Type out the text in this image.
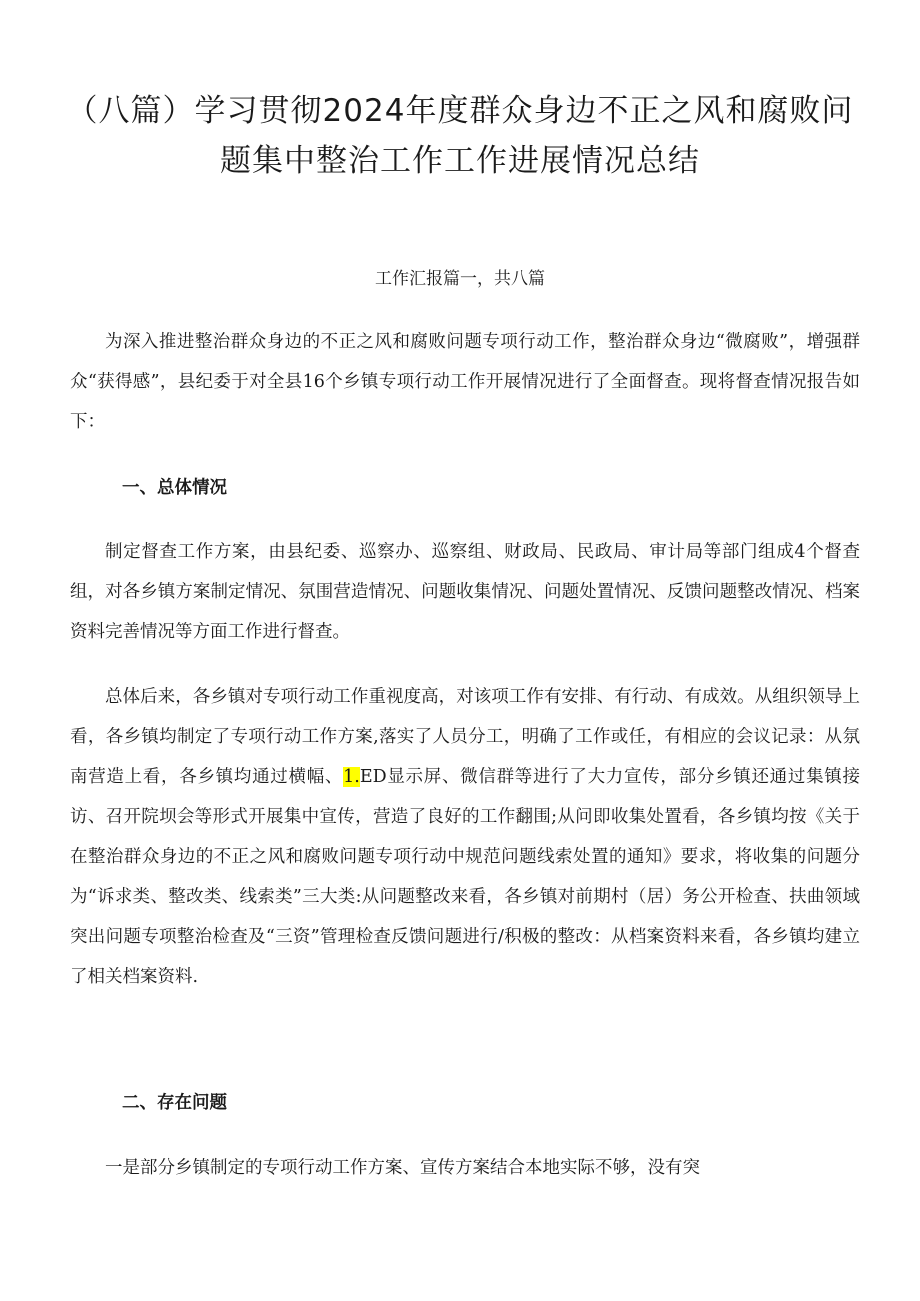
（八篇）学习贯彻2024年度群众身边不正之风和腐败问题集中整治工作工作进展情况总结

工作汇报篇一，共八篇

为深入推进整治群众身边的不正之风和腐败问题专项行动工作，整治群众身边“微腐败”，增强群众“获得感”，县纪委于对全县16个乡镇专项行动工作开展情况进行了全面督查。现将督查情况报告如下：

一、总体情况

制定督查工作方案，由县纪委、巡察办、巡察组、财政局、民政局、审计局等部门组成4个督查组，对各乡镇方案制定情况、氛围营造情况、问题收集情况、问题处置情况、反馈问题整改情况、档案资料完善情况等方面工作进行督查。

总体后来，各乡镇对专项行动工作重视度高，对该项工作有安排、有行动、有成效。从组织领导上看，各乡镇均制定了专项行动工作方案,落实了人员分工，明确了工作或任，有相应的会议记录：从氛南营造上看，各乡镇均通过横幅、1.ED显示屏、微信群等进行了大力宣传，部分乡镇还通过集镇接访、召开院坝会等形式开展集中宣传，营造了良好的工作翻围;从问即收集处置看，各乡镇均按《关于在整治群众身边的不正之风和腐败问题专项行动中规范问题线索处置的通知》要求，将收集的问题分为“诉求类、整改类、线索类”三大类:从问题整改来看，各乡镇对前期村（居）务公开检查、扶曲领域突出问题专项整治检查及“三资”管理检查反馈问题进行/积极的整改：从档案资料来看，各乡镇均建立了相关档案资料.

二、存在问题

一是部分乡镇制定的专项行动工作方案、宣传方案结合本地实际不够，没有突
